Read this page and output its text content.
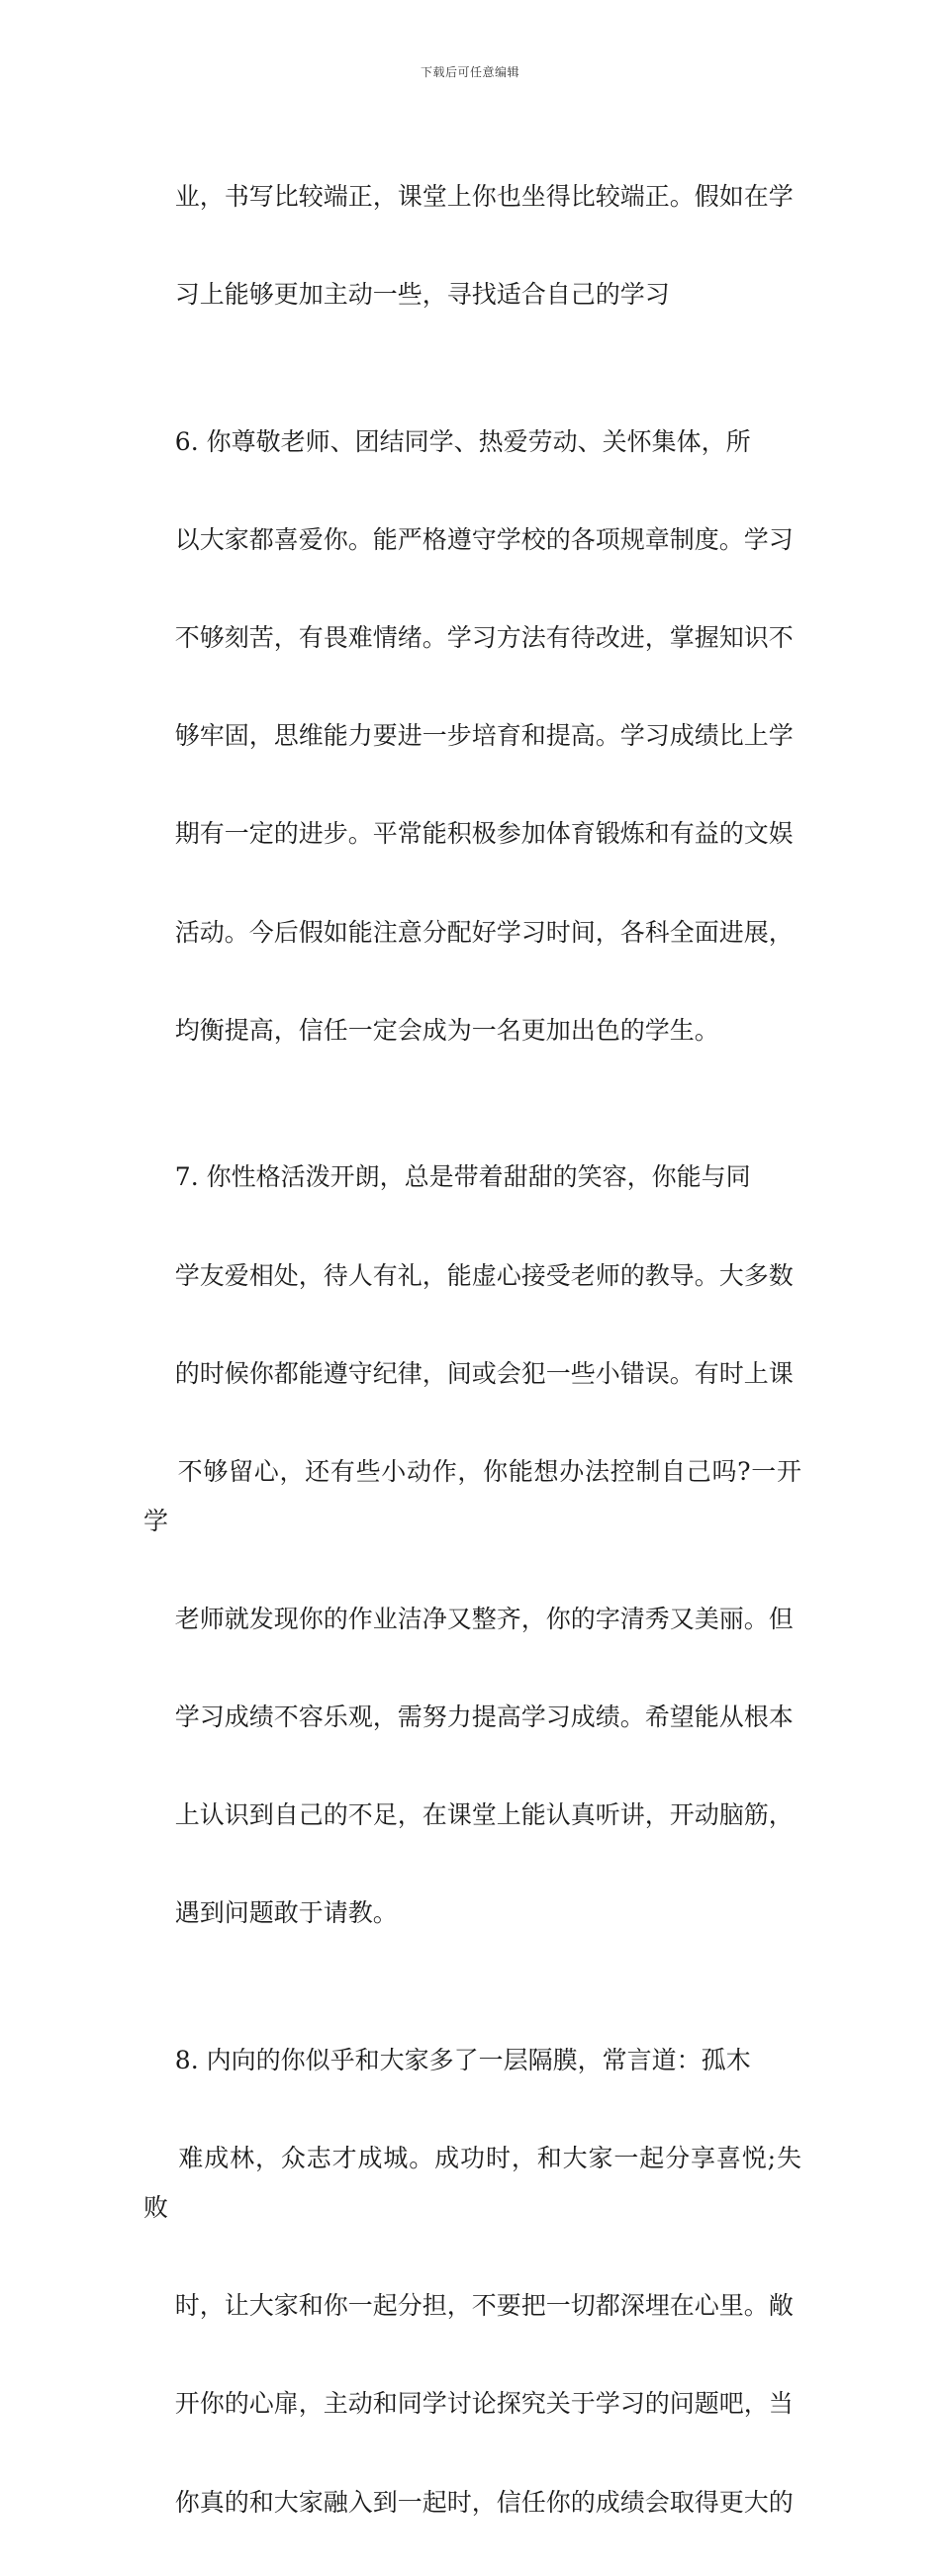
下载后可任意编辑

业，书写比较端正，课堂上你也坐得比较端正。假如在学

习上能够更加主动一些，寻找适合自己的学习

6. 你尊敬老师、团结同学、热爱劳动、关怀集体，所

以大家都喜爱你。能严格遵守学校的各项规章制度。学习

不够刻苦，有畏难情绪。学习方法有待改进，掌握知识不

够牢固，思维能力要进一步培育和提高。学习成绩比上学

期有一定的进步。平常能积极参加体育锻炼和有益的文娱

活动。今后假如能注意分配好学习时间，各科全面进展，

均衡提高，信任一定会成为一名更加出色的学生。

7. 你性格活泼开朗，总是带着甜甜的笑容，你能与同

学友爱相处，待人有礼，能虚心接受老师的教导。大多数

的时候你都能遵守纪律，间或会犯一些小错误。有时上课

不够留心，还有些小动作，你能想办法控制自己吗?一开学

老师就发现你的作业洁净又整齐，你的字清秀又美丽。但

学习成绩不容乐观，需努力提高学习成绩。希望能从根本

上认识到自己的不足，在课堂上能认真听讲，开动脑筋，

遇到问题敢于请教。

8. 内向的你似乎和大家多了一层隔膜，常言道：孤木

难成林，众志才成城。成功时，和大家一起分享喜悦;失败

时，让大家和你一起分担，不要把一切都深埋在心里。敞

开你的心扉，主动和同学讨论探究关于学习的问题吧，当

你真的和大家融入到一起时，信任你的成绩会取得更大的
